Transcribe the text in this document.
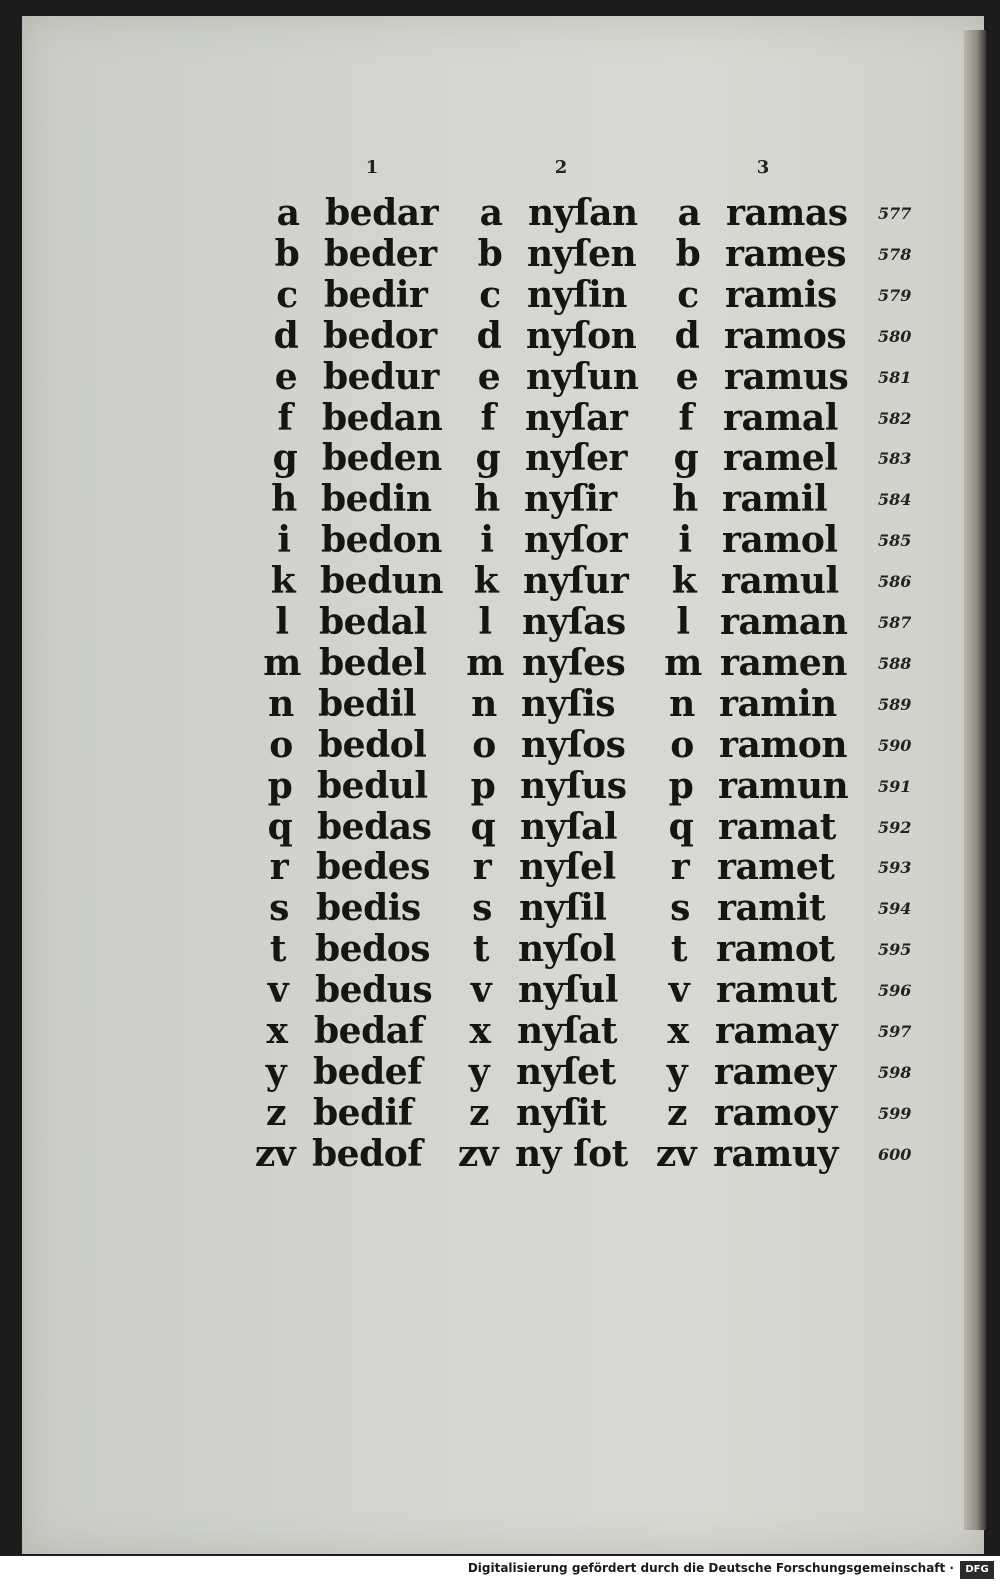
1	2	3
a bedar	a nyſan	a ramas 577
b beder	b nyſen	b rames 578
c bedir	c nyſin	c ramis	579
d bedor	d nyſon	d ramos 580
e bedur	e nyſun	e ramus 581
f bedan	f nyſar	f ramal	582
g beden g nyſer	g ramel	583
h bedin	h nyſir	h ramil	584
i bedon	i nyſor	i ramol	585
k bedun k nyſur	k ramul 586
l bedal	l nyſas	l raman 587
m bedel m nyſes m ramen 588
n bedil	n nyſis	n ramin	589
o bedol	o nyſos	o ramon 590
p bedul	p nyſus	p ramun 591
q bedas	q nyſal	q ramat	592
r bedes	r nyſel	r ramet	593
s bedis	s nyſil	s ramit	594
t bedos	t nyſol	t ramot	595
v bedus	v nyſul	v ramut	596
x bedaf	x nyſat	x ramay	597
y bedef	y nyſet	y ramey	598
z bedif	z nyſit	z ramoy	599
zv bedof zv ny ſot zv ramuy	600
Digitalisierung gefördert durch die Deutsche Forschungsgemeinschaft ·	DFG
